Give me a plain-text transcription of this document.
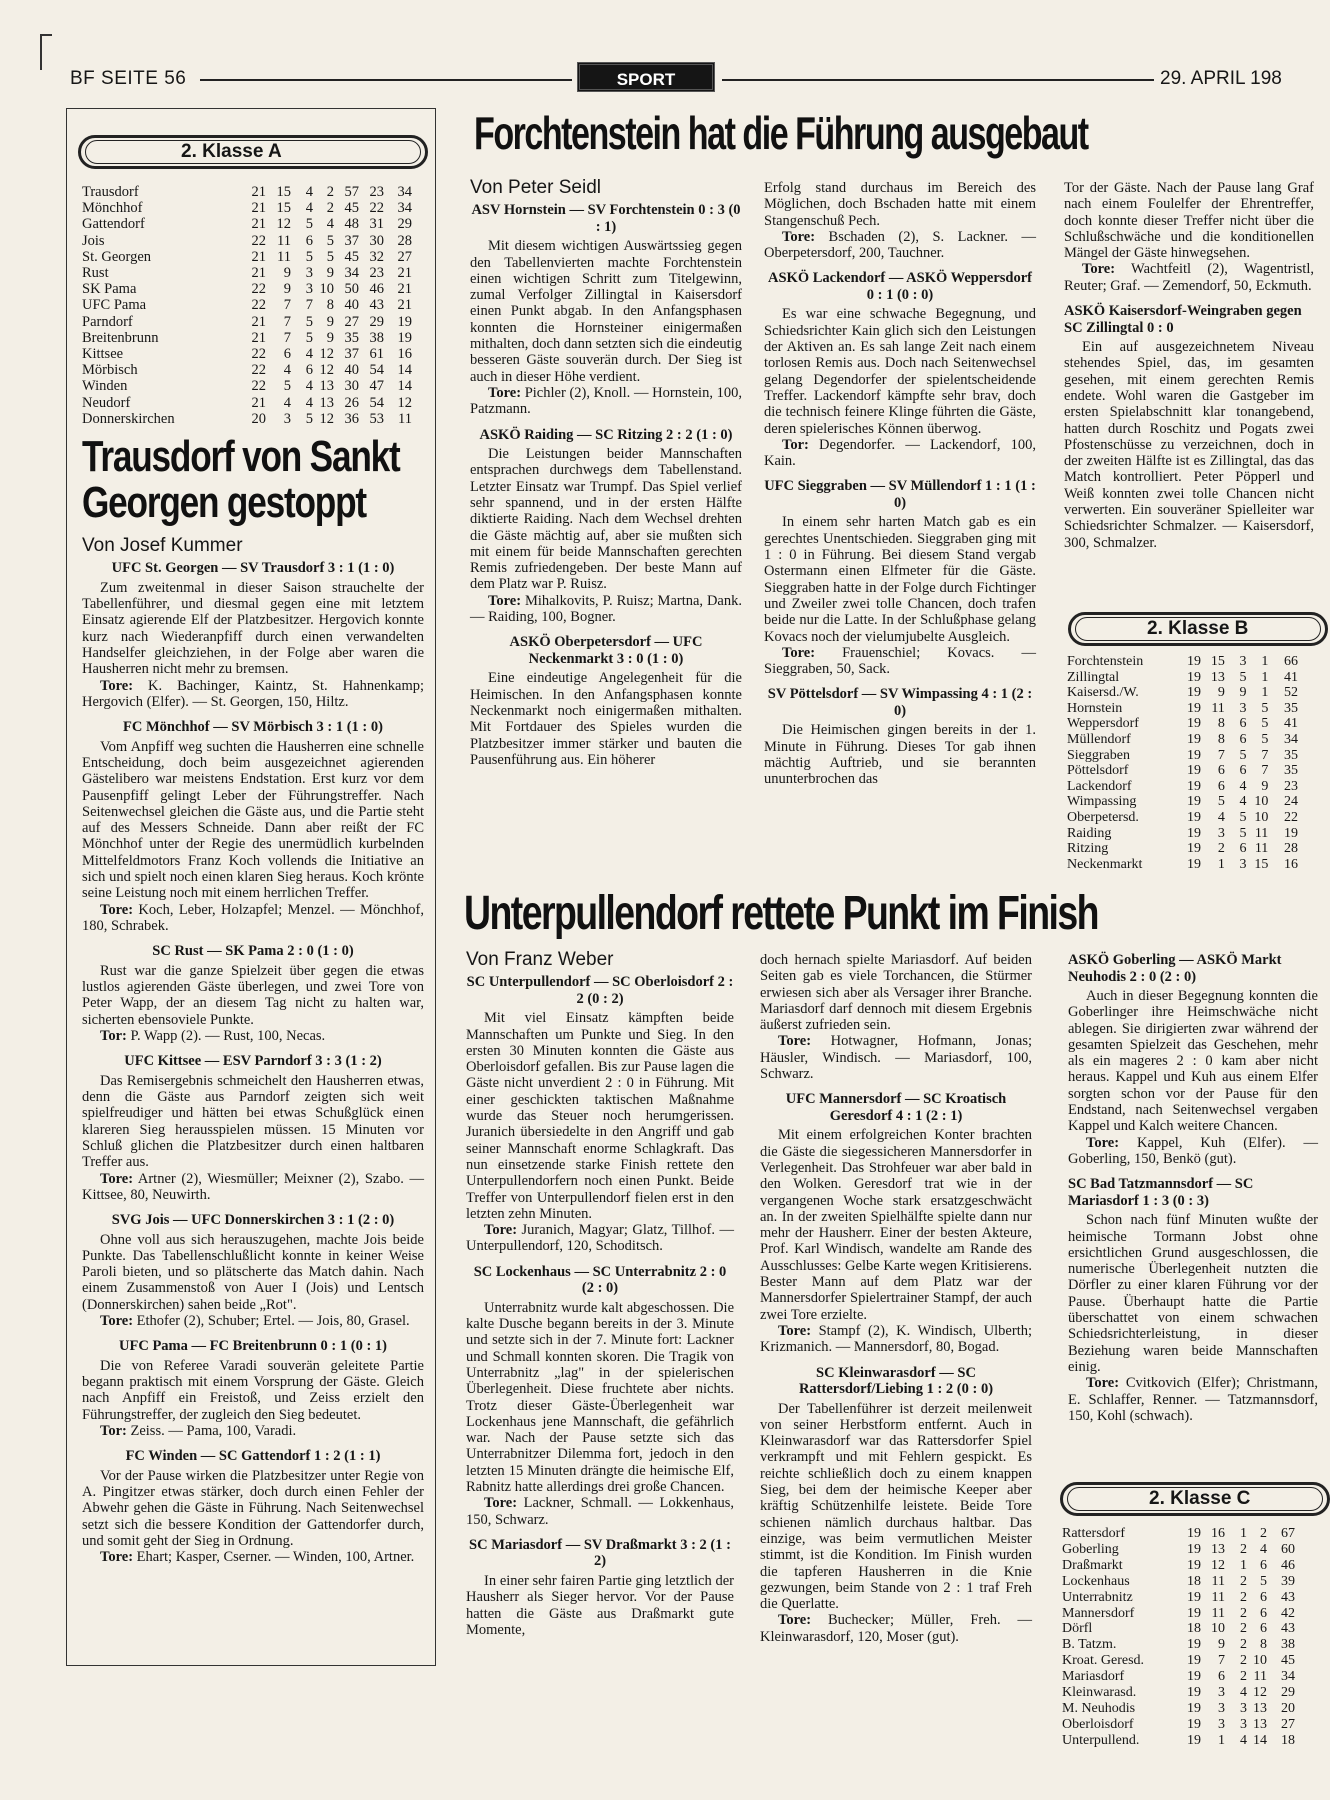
BF SEITE 56	SPORT	29. APRIL 198
2. Klasse A
Trausdorf	21	15	4	2	57	23	34
Mönchhof	21	15	4	2	45	22	34
Gattendorf	21	12	5	4	48	31	29
Jois	22	11	6	5	37	30	28
St. Georgen	21	11	5	5	45	32	27
Rust	21	9	3	9	34	23	21
SK Pama	22	9	3	10	50	46	21
UFC Pama	22	7	7	8	40	43	21
Parndorf	21	7	5	9	27	29	19
Breitenbrunn	21	7	5	9	35	38	19
Kittsee	22	6	4	12	37	61	16
Mörbisch	22	4	6	12	40	54	14
Winden	22	5	4	13	30	47	14
Neudorf	21	4	4	13	26	54	12
Donnerskirchen	20	3	5	12	36	53	11
Trausdorf von Sankt
Georgen gestoppt
Von Josef Kummer
UFC St. Georgen — SV Trausdorf 3 : 1 (1 : 0)

Zum zweitenmal in dieser Saison strauchelte der Tabellenführer, und diesmal gegen eine mit letztem Einsatz agierende Elf der Platzbesitzer. Hergovich konnte kurz nach Wiederanpfiff durch einen verwandelten Handselfer gleichziehen, in der Folge aber waren die Hausherren nicht mehr zu bremsen.

Tore: K. Bachinger, Kaintz, St. Hahnenkamp; Hergovich (Elfer). — St. Georgen, 150, Hiltz.

FC Mönchhof — SV Mörbisch 3 : 1 (1 : 0)

Vom Anpfiff weg suchten die Hausherren eine schnelle Entscheidung, doch beim ausgezeichnet agierenden Gästelibero war meistens Endstation. Erst kurz vor dem Pausenpfiff gelingt Leber der Führungstreffer. Nach Seitenwechsel gleichen die Gäste aus, und die Partie steht auf des Messers Schneide. Dann aber reißt der FC Mönchhof unter der Regie des unermüdlich kurbelnden Mittelfeldmotors Franz Koch vollends die Initiative an sich und spielt noch einen klaren Sieg heraus. Koch krönte seine Leistung noch mit einem herrlichen Treffer.

Tore: Koch, Leber, Holzapfel; Menzel. — Mönchhof, 180, Schrabek.

SC Rust — SK Pama 2 : 0 (1 : 0)

Rust war die ganze Spielzeit über gegen die etwas lustlos agierenden Gäste überlegen, und zwei Tore von Peter Wapp, der an diesem Tag nicht zu halten war, sicherten ebensoviele Punkte.

Tor: P. Wapp (2). — Rust, 100, Necas.

UFC Kittsee — ESV Parndorf 3 : 3 (1 : 2)

Das Remisergebnis schmeichelt den Hausherren etwas, denn die Gäste aus Parndorf zeigten sich weit spielfreudiger und hätten bei etwas Schußglück einen klareren Sieg herausspielen müssen. 15 Minuten vor Schluß glichen die Platzbesitzer durch einen haltbaren Treffer aus.

Tore: Artner (2), Wiesmüller; Meixner (2), Szabo. — Kittsee, 80, Neuwirth.

SVG Jois — UFC Donnerskirchen 3 : 1 (2 : 0)

Ohne voll aus sich herauszugehen, machte Jois beide Punkte. Das Tabellenschlußlicht konnte in keiner Weise Paroli bieten, und so plätscherte das Match dahin. Nach einem Zusammenstoß von Auer I (Jois) und Lentsch (Donnerskirchen) sahen beide „Rot".

Tore: Ethofer (2), Schuber; Ertel. — Jois, 80, Grasel.

UFC Pama — FC Breitenbrunn 0 : 1 (0 : 1)

Die von Referee Varadi souverän geleitete Partie begann praktisch mit einem Vorsprung der Gäste. Gleich nach Anpfiff ein Freistoß, und Zeiss erzielt den Führungstreffer, der zugleich den Sieg bedeutet.

Tor: Zeiss. — Pama, 100, Varadi.

FC Winden — SC Gattendorf 1 : 2 (1 : 1)

Vor der Pause wirken die Platzbesitzer unter Regie von A. Pingitzer etwas stärker, doch durch einen Fehler der Abwehr gehen die Gäste in Führung. Nach Seitenwechsel setzt sich die bessere Kondition der Gattendorfer durch, und somit geht der Sieg in Ordnung.

Tore: Ehart; Kasper, Cserner. — Winden, 100, Artner.

Forchtenstein hat die Führung ausgebaut
Von Peter Seidl
ASV Hornstein — SV Forchtenstein 0 : 3 (0 : 1)

Mit diesem wichtigen Auswärtssieg gegen den Tabellenvierten machte Forchtenstein einen wichtigen Schritt zum Titelgewinn, zumal Verfolger Zillingtal in Kaisersdorf einen Punkt abgab. In den Anfangsphasen konnten die Hornsteiner einigermaßen mithalten, doch dann setzten sich die eindeutig besseren Gäste souverän durch. Der Sieg ist auch in dieser Höhe verdient.

Tore: Pichler (2), Knoll. — Hornstein, 100, Patzmann.

ASKÖ Raiding — SC Ritzing 2 : 2 (1 : 0)

Die Leistungen beider Mannschaften entsprachen durchwegs dem Tabellenstand. Letzter Einsatz war Trumpf. Das Spiel verlief sehr spannend, und in der ersten Hälfte diktierte Raiding. Nach dem Wechsel drehten die Gäste mächtig auf, aber sie mußten sich mit einem für beide Mannschaften gerechten Remis zufriedengeben. Der beste Mann auf dem Platz war P. Ruisz.

Tore: Mihalkovits, P. Ruisz; Martna, Dank. — Raiding, 100, Bogner.

ASKÖ Oberpetersdorf — UFC Neckenmarkt 3 : 0 (1 : 0)

Eine eindeutige Angelegenheit für die Heimischen. In den Anfangsphasen konnte Neckenmarkt noch einigermaßen mithalten. Mit Fortdauer des Spieles wurden die Platzbesitzer immer stärker und bauten die Pausenführung aus. Ein höherer

Erfolg stand durchaus im Bereich des Möglichen, doch Bschaden hatte mit einem Stangenschuß Pech.

Tore: Bschaden (2), S. Lackner. — Oberpetersdorf, 200, Tauchner.

ASKÖ Lackendorf — ASKÖ Weppersdorf 0 : 1 (0 : 0)

Es war eine schwache Begegnung, und Schiedsrichter Kain glich sich den Leistungen der Aktiven an. Es sah lange Zeit nach einem torlosen Remis aus. Doch nach Seitenwechsel gelang Degendorfer der spielentscheidende Treffer. Lackendorf kämpfte sehr brav, doch die technisch feinere Klinge führten die Gäste, deren spielerisches Können überwog.

Tor: Degendorfer. — Lackendorf, 100, Kain.

UFC Sieggraben — SV Müllendorf 1 : 1 (1 : 0)

In einem sehr harten Match gab es ein gerechtes Unentschieden. Sieggraben ging mit 1 : 0 in Führung. Bei diesem Stand vergab Ostermann einen Elfmeter für die Gäste. Sieggraben hatte in der Folge durch Fichtinger und Zweiler zwei tolle Chancen, doch trafen beide nur die Latte. In der Schlußphase gelang Kovacs noch der vielumjubelte Ausgleich.

Tore: Frauenschiel; Kovacs. — Sieggraben, 50, Sack.

SV Pöttelsdorf — SV Wimpassing 4 : 1 (2 : 0)

Die Heimischen gingen bereits in der 1. Minute in Führung. Dieses Tor gab ihnen mächtig Auftrieb, und sie berannten ununterbrochen das

Tor der Gäste. Nach der Pause lang Graf nach einem Foulelfer der Ehrentreffer, doch konnte dieser Treffer nicht über die Schlußschwäche und die konditionellen Mängel der Gäste hinwegsehen.

Tore: Wachtfeitl (2), Wagentristl, Reuter; Graf. — Zemendorf, 50, Eckmuth.

ASKÖ Kaisersdorf-Weingraben gegen SC Zillingtal 0 : 0

Ein auf ausgezeichnetem Niveau stehendes Spiel, das, im gesamten gesehen, mit einem gerechten Remis endete. Wohl waren die Gastgeber im ersten Spielabschnitt klar tonangebend, hatten durch Roschitz und Pogats zwei Pfostenschüsse zu verzeichnen, doch in der zweiten Hälfte ist es Zillingtal, das das Match kontrolliert. Peter Pöpperl und Weiß konnten zwei tolle Chancen nicht verwerten. Ein souveräner Spielleiter war Schiedsrichter Schmalzer. — Kaisersdorf, 300, Schmalzer.

2. Klasse B
Forchtenstein	19	15	3	1	66
Zillingtal	19	13	5	1	41
Kaisersd./W.	19	9	9	1	52
Hornstein	19	11	3	5	35
Weppersdorf	19	8	6	5	41
Müllendorf	19	8	6	5	34
Sieggraben	19	7	5	7	35
Pöttelsdorf	19	6	6	7	35
Lackendorf	19	6	4	9	23
Wimpassing	19	5	4	10	24
Oberpetersd.	19	4	5	10	22
Raiding	19	3	5	11	19
Ritzing	19	2	6	11	28
Neckenmarkt	19	1	3	15	16
Unterpullendorf rettete Punkt im Finish
Von Franz Weber
SC Unterpullendorf — SC Oberloisdorf 2 : 2 (0 : 2)

Mit viel Einsatz kämpften beide Mannschaften um Punkte und Sieg. In den ersten 30 Minuten konnten die Gäste aus Oberloisdorf gefallen. Bis zur Pause lagen die Gäste nicht unverdient 2 : 0 in Führung. Mit einer geschickten taktischen Maßnahme wurde das Steuer noch herumgerissen. Juranich übersiedelte in den Angriff und gab seiner Mannschaft enorme Schlagkraft. Das nun einsetzende starke Finish rettete den Unterpullendorfern noch einen Punkt. Beide Treffer von Unterpullendorf fielen erst in den letzten zehn Minuten.

Tore: Juranich, Magyar; Glatz, Tillhof. — Unterpullendorf, 120, Schoditsch.

SC Lockenhaus — SC Unterrabnitz 2 : 0 (2 : 0)

Unterrabnitz wurde kalt abgeschossen. Die kalte Dusche begann bereits in der 3. Minute und setzte sich in der 7. Minute fort: Lackner und Schmall konnten skoren. Die Tragik von Unterrabnitz „lag" in der spielerischen Überlegenheit. Diese fruchtete aber nichts. Trotz dieser Gäste-Überlegenheit war Lockenhaus jene Mannschaft, die gefährlich war. Nach der Pause setzte sich das Unterrabnitzer Dilemma fort, jedoch in den letzten 15 Minuten drängte die heimische Elf, Rabnitz hatte allerdings drei große Chancen.

Tore: Lackner, Schmall. — Lokkenhaus, 150, Schwarz.

SC Mariasdorf — SV Draßmarkt 3 : 2 (1 : 2)

In einer sehr fairen Partie ging letztlich der Hausherr als Sieger hervor. Vor der Pause hatten die Gäste aus Draßmarkt gute Momente,

doch hernach spielte Mariasdorf. Auf beiden Seiten gab es viele Torchancen, die Stürmer erwiesen sich aber als Versager ihrer Branche. Mariasdorf darf dennoch mit diesem Ergebnis äußerst zufrieden sein.

Tore: Hotwagner, Hofmann, Jonas; Häusler, Windisch. — Mariasdorf, 100, Schwarz.

UFC Mannersdorf — SC Kroatisch Geresdorf 4 : 1 (2 : 1)

Mit einem erfolgreichen Konter brachten die Gäste die siegessicheren Mannersdorfer in Verlegenheit. Das Strohfeuer war aber bald in den Wolken. Geresdorf trat wie in der vergangenen Woche stark ersatzgeschwächt an. In der zweiten Spielhälfte spielte dann nur mehr der Hausherr. Einer der besten Akteure, Prof. Karl Windisch, wandelte am Rande des Ausschlusses: Gelbe Karte wegen Kritisierens. Bester Mann auf dem Platz war der Mannersdorfer Spielertrainer Stampf, der auch zwei Tore erzielte.

Tore: Stampf (2), K. Windisch, Ulberth; Krizmanich. — Mannersdorf, 80, Bogad.

SC Kleinwarasdorf — SC Rattersdorf/Liebing 1 : 2 (0 : 0)

Der Tabellenführer ist derzeit meilenweit von seiner Herbstform entfernt. Auch in Kleinwarasdorf war das Rattersdorfer Spiel verkrampft und mit Fehlern gespickt. Es reichte schließlich doch zu einem knappen Sieg, bei dem der heimische Keeper aber kräftig Schützenhilfe leistete. Beide Tore schienen nämlich durchaus haltbar. Das einzige, was beim vermutlichen Meister stimmt, ist die Kondition. Im Finish wurden die tapferen Hausherren in die Knie gezwungen, beim Stande von 2 : 1 traf Freh die Querlatte.

Tore: Buchecker; Müller, Freh. — Kleinwarasdorf, 120, Moser (gut).

ASKÖ Goberling — ASKÖ Markt Neuhodis 2 : 0 (2 : 0)

Auch in dieser Begegnung konnten die Goberlinger ihre Heimschwäche nicht ablegen. Sie dirigierten zwar während der gesamten Spielzeit das Geschehen, mehr als ein mageres 2 : 0 kam aber nicht heraus. Kappel und Kuh aus einem Elfer sorgten schon vor der Pause für den Endstand, nach Seitenwechsel vergaben Kappel und Kalch weitere Chancen.

Tore: Kappel, Kuh (Elfer). — Goberling, 150, Benkö (gut).

SC Bad Tatzmannsdorf — SC Mariasdorf 1 : 3 (0 : 3)

Schon nach fünf Minuten wußte der heimische Tormann Jobst ohne ersichtlichen Grund ausgeschlossen, die numerische Überlegenheit nutzten die Dörfler zu einer klaren Führung vor der Pause. Überhaupt hatte die Partie überschattet von einem schwachen Schiedsrichterleistung, in dieser Beziehung waren beide Mannschaften einig.

Tore: Cvitkovich (Elfer); Christmann, E. Schlaffer, Renner. — Tatzmannsdorf, 150, Kohl (schwach).

2. Klasse C
Rattersdorf	19	16	1	2	67
Goberling	19	13	2	4	60
Draßmarkt	19	12	1	6	46
Lockenhaus	18	11	2	5	39
Unterrabnitz	19	11	2	6	43
Mannersdorf	19	11	2	6	42
Dörfl	18	10	2	6	43
B. Tatzm.	19	9	2	8	38
Kroat. Geresd.	19	7	2	10	45
Mariasdorf	19	6	2	11	34
Kleinwarasd.	19	3	4	12	29
M. Neuhodis	19	3	3	13	20
Oberloisdorf	19	3	3	13	27
Unterpullend.	19	1	4	14	18
